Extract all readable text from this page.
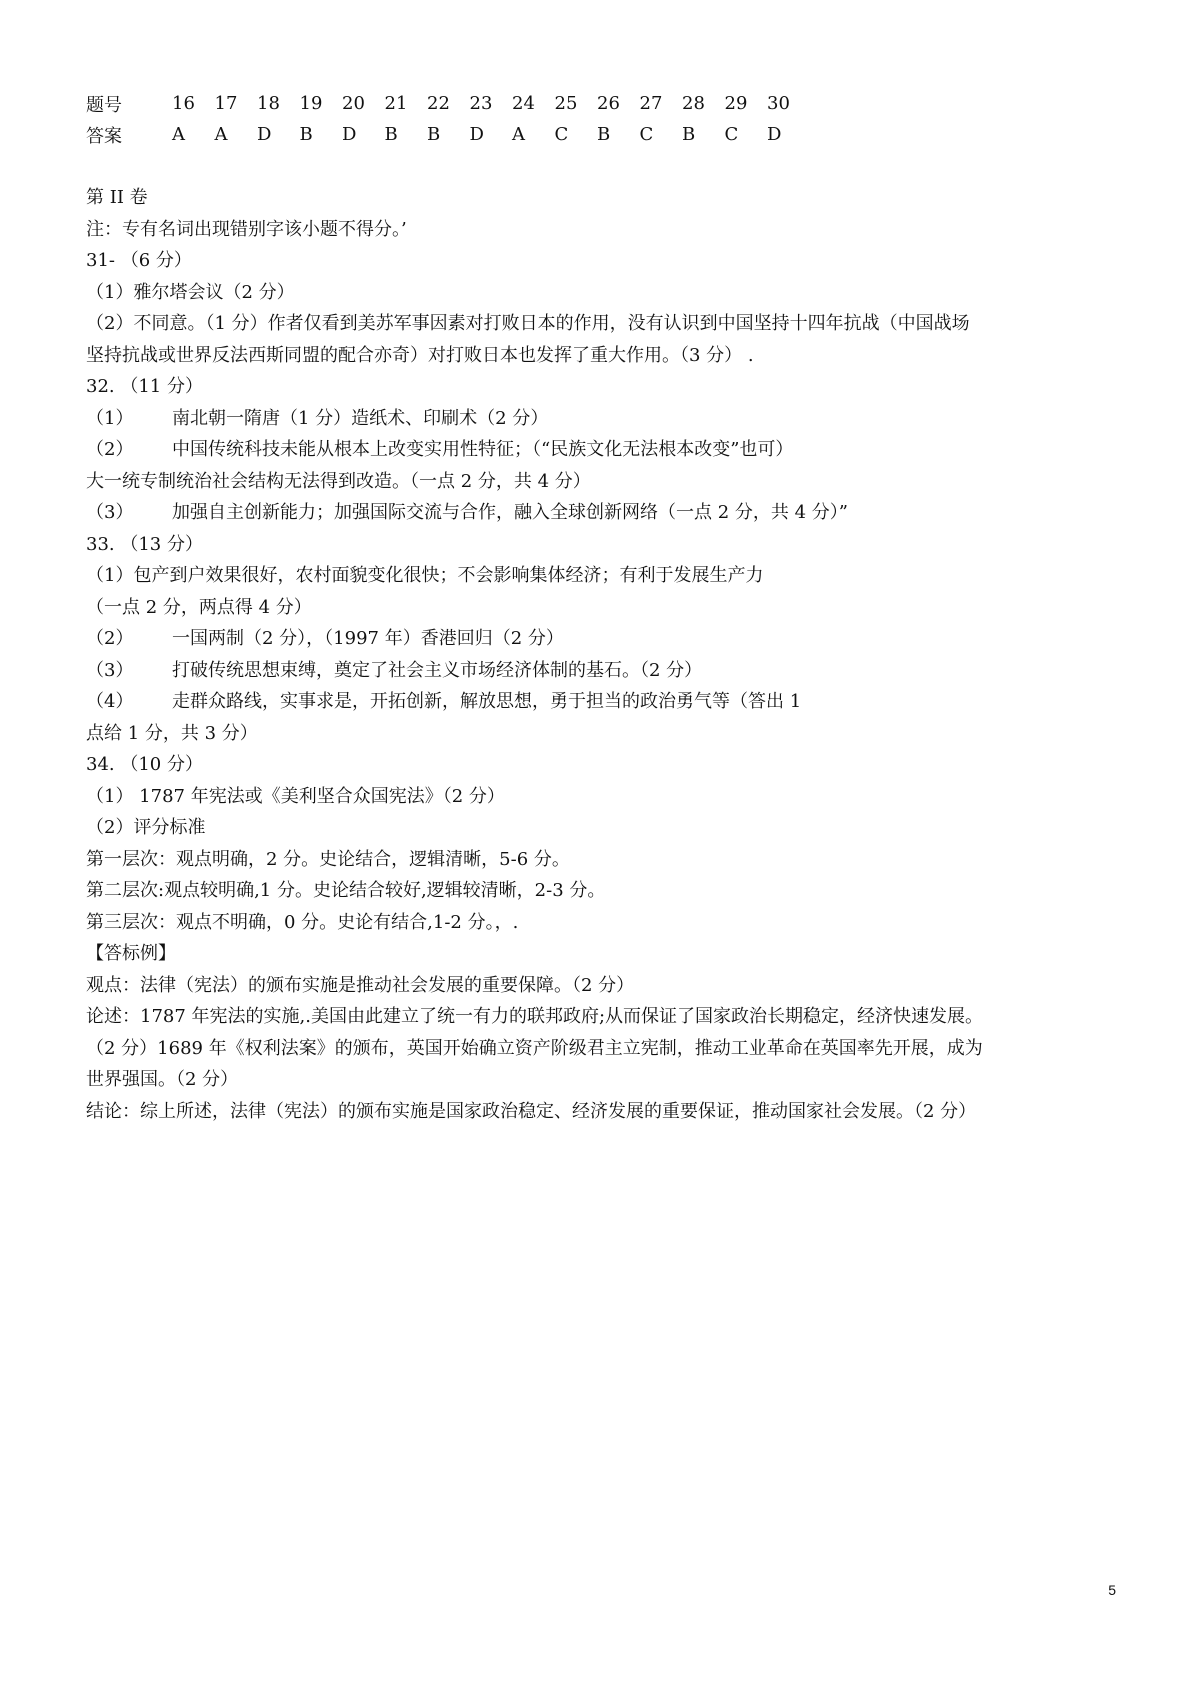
题号	16	17	18	19	20	21	22	23	24	25	26	27	28	29	30
答案	A	A	D	B	D	B	B	D	A	C	B	C	B	C	D
第 II 卷
注：专有名词出现错别字该小题不得分。’
31- （6 分）
（1）雅尔塔会议（2 分）
（2）不同意。（1 分）作者仅看到美苏军事因素对打败日本的作用，没有认识到中国坚持十四年抗战（中国战场
坚持抗战或世界反法西斯同盟的配合亦奇）对打败日本也发挥了重大作用。（3 分） .
32. （11 分）
（1） 南北朝一隋唐（1 分）造纸术、印刷术（2 分）
（2） 中国传统科技未能从根本上改变实用性特征；（“民族文化无法根本改变”也可）
大一统专制统治社会结构无法得到改造。（一点 2 分，共 4 分）
（3） 加强自主创新能力；加强国际交流与合作，融入全球创新网络（一点 2 分，共 4 分）”
33. （13 分）
（1）包产到户效果很好，农村面貌变化很快；不会影响集体经济；有利于发展生产力
（一点 2 分，两点得 4 分）
（2） 一国两制（2 分），（1997 年）香港回归（2 分）
（3） 打破传统思想束缚，奠定了社会主义市场经济体制的基石。（2 分）
（4） 走群众路线，实事求是，开拓创新，解放思想，勇于担当的政治勇气等（答出 1
点给 1 分，共 3 分）
34. （10 分）
（1） 1787 年宪法或《美利坚合众国宪法》（2 分）
（2）评分标准
第一层次：观点明确，2 分。史论结合，逻辑清晰，5-6 分。
第二层次:观点较明确,1 分。史论结合较好,逻辑较清晰，2-3 分。
第三层次：观点不明确，0 分。史论有结合,1-2 分。，.
【答标例】
观点：法律（宪法）的颁布实施是推动社会发展的重要保障。（2 分）
论述：1787 年宪法的实施,.美国由此建立了统一有力的联邦政府;从而保证了国家政治长期稳定，经济快速发展。
（2 分）1689 年《权利法案》的颁布，英国开始确立资产阶级君主立宪制，推动工业革命在英国率先开展，成为
世界强国。（2 分）
结论：综上所述，法律（宪法）的颁布实施是国家政治稳定、经济发展的重要保证，推动国家社会发展。（2 分）
5
